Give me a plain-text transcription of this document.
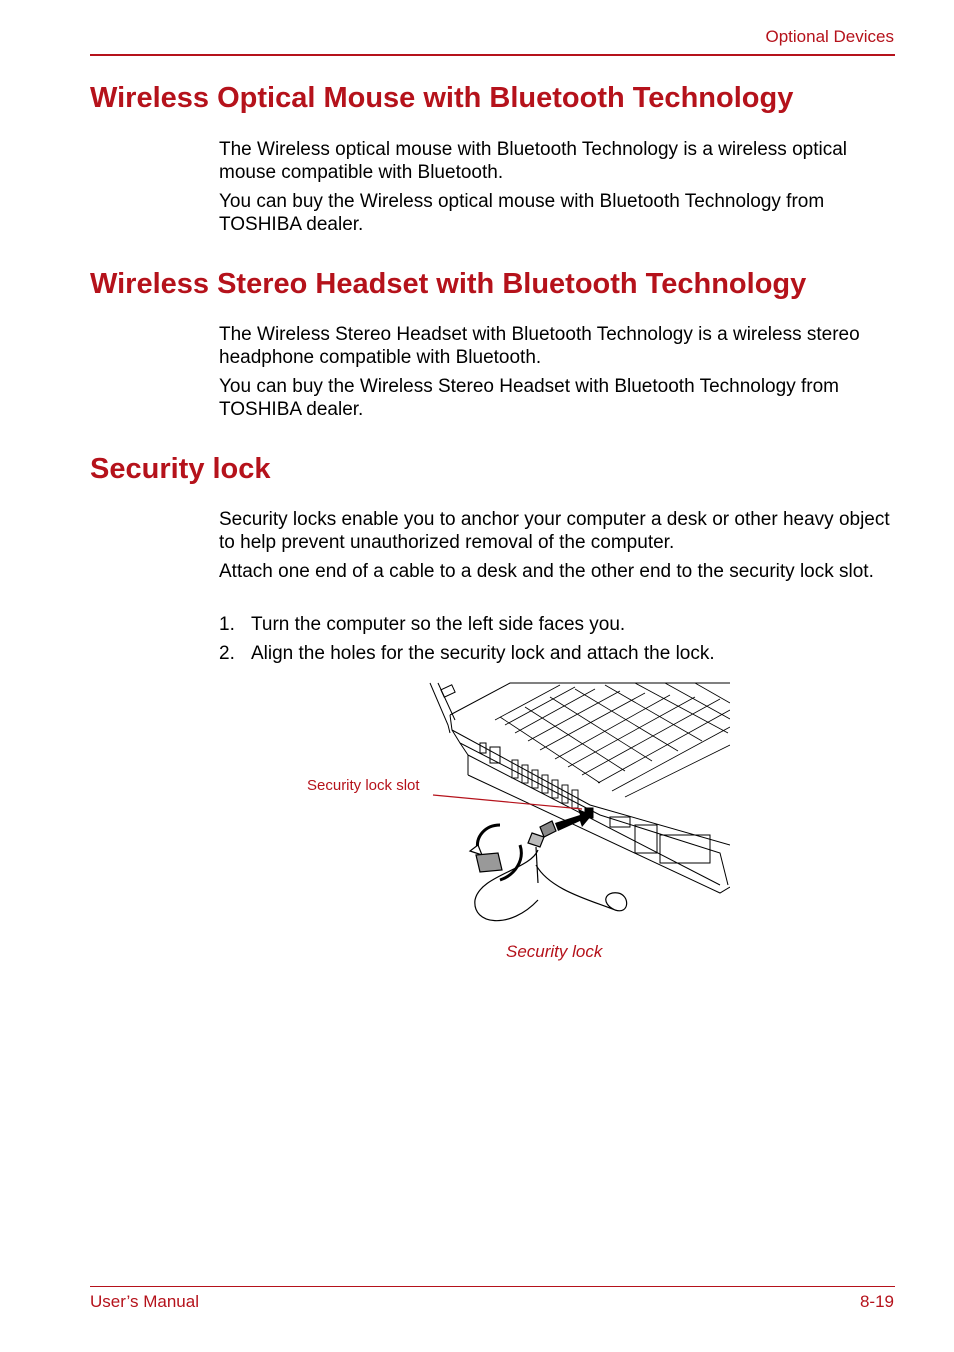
Optional Devices
Wireless Optical Mouse with Bluetooth Technology

The Wireless optical mouse with Bluetooth Technology is a wireless optical mouse compatible with Bluetooth.

You can buy the Wireless optical mouse with Bluetooth Technology from TOSHIBA dealer.

Wireless Stereo Headset with Bluetooth Technology

The Wireless Stereo Headset with Bluetooth Technology is a wireless stereo headphone compatible with Bluetooth.

You can buy the Wireless Stereo Headset with Bluetooth Technology from TOSHIBA dealer.

Security lock

Security locks enable you to anchor your computer a desk or other heavy object to help prevent unauthorized removal of the computer.

Attach one end of a cable to a desk and the other end to the security lock slot.

1. Turn the computer so the left side faces you.
2. Align the holes for the security lock and attach the lock.
Security lock slot
Security lock
User’s Manual	8-19
